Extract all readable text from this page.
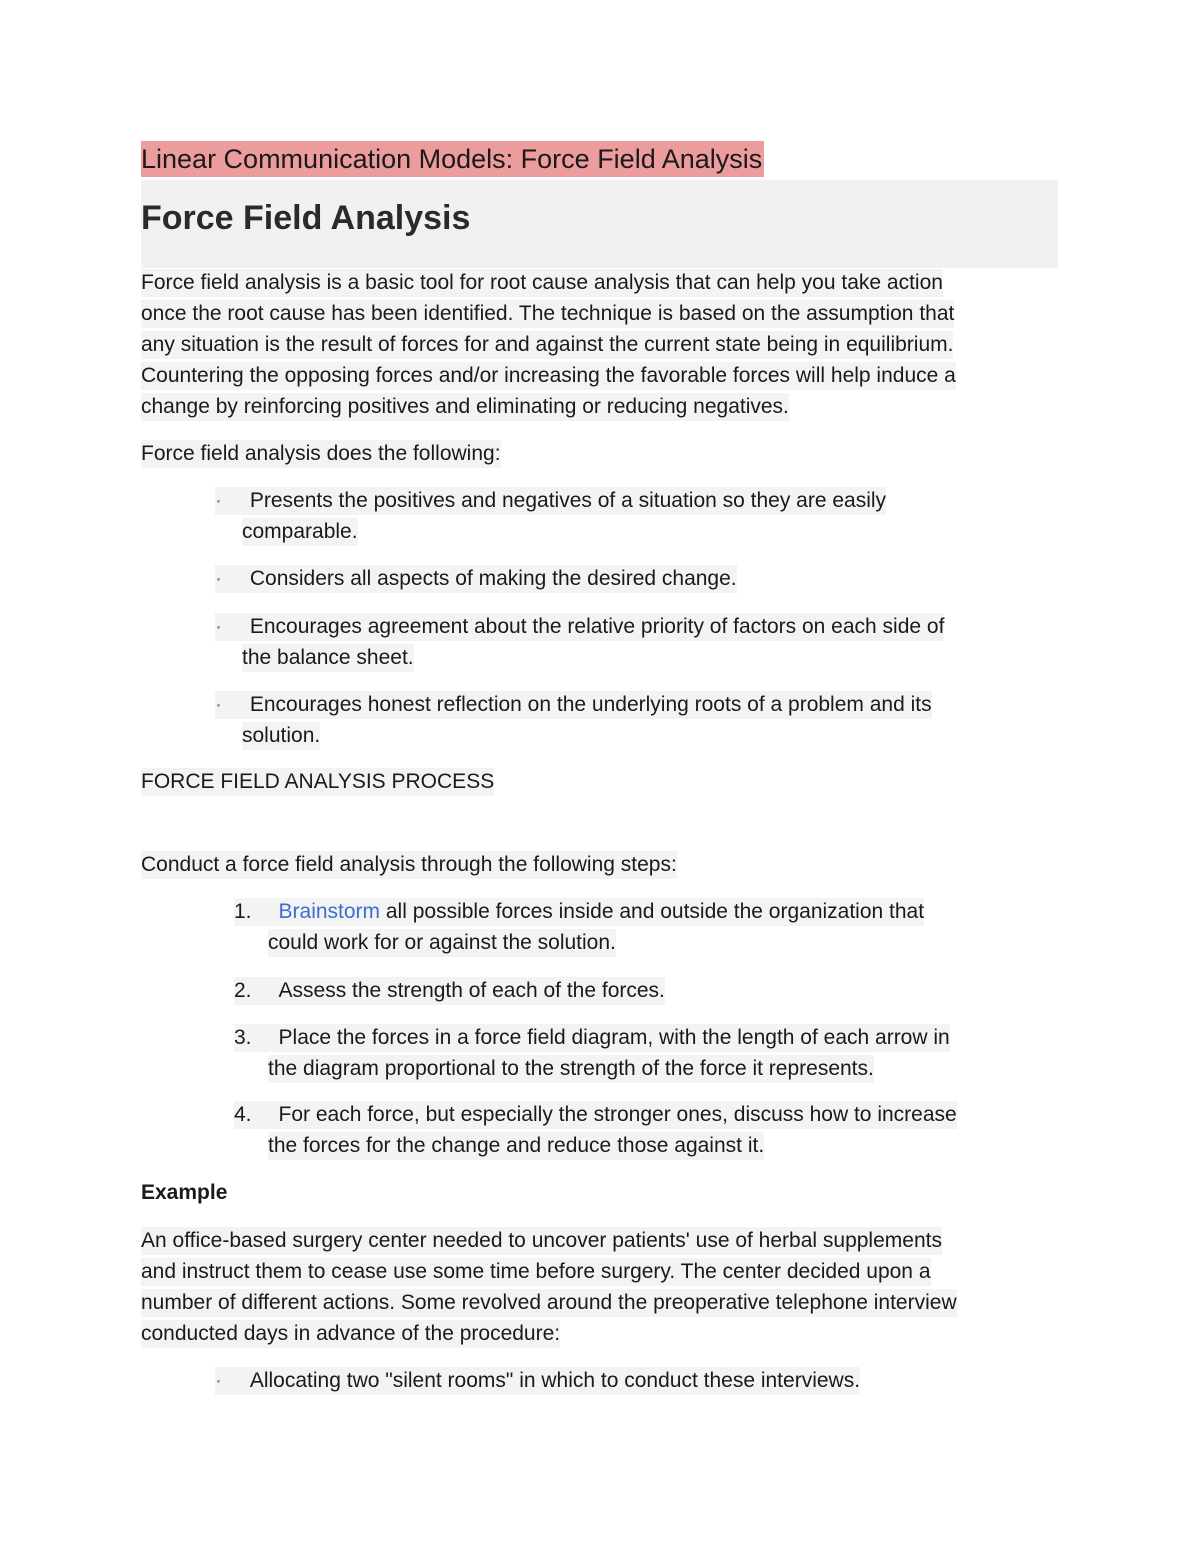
Linear Communication Models: Force Field Analysis
Force Field Analysis
Force field analysis is a basic tool for root cause analysis that can help you take action
once the root cause has been identified. The technique is based on the assumption that
any situation is the result of forces for and against the current state being in equilibrium.
Countering the opposing forces and/or increasing the favorable forces will help induce a
change by reinforcing positives and eliminating or reducing negatives.
Force field analysis does the following:
· Presents the positives and negatives of a situation so they are easily
comparable.
· Considers all aspects of making the desired change.
· Encourages agreement about the relative priority of factors on each side of
the balance sheet.
· Encourages honest reflection on the underlying roots of a problem and its
solution.
FORCE FIELD ANALYSIS PROCESS
Conduct a force field analysis through the following steps:
1. Brainstorm all possible forces inside and outside the organization that
could work for or against the solution.
2. Assess the strength of each of the forces.
3. Place the forces in a force field diagram, with the length of each arrow in
the diagram proportional to the strength of the force it represents.
4. For each force, but especially the stronger ones, discuss how to increase
the forces for the change and reduce those against it.
Example
An office-based surgery center needed to uncover patients' use of herbal supplements
and instruct them to cease use some time before surgery. The center decided upon a
number of different actions. Some revolved around the preoperative telephone interview
conducted days in advance of the procedure:
· Allocating two "silent rooms" in which to conduct these interviews.
